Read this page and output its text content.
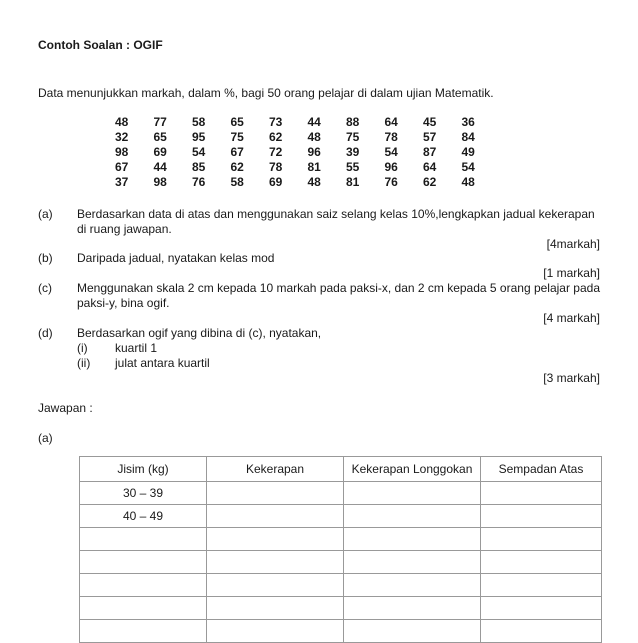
Contoh Soalan : OGIF
Data menunjukkan markah, dalam %, bagi 50 orang pelajar di dalam ujian Matematik.
48	77	58	65	73	44	88	64	45	36
32	65	95	75	62	48	75	78	57	84
98	69	54	67	72	96	39	54	87	49
67	44	85	62	78	81	55	96	64	54
37	98	76	58	69	48	81	76	62	48
(a) Berdasarkan data di atas dan menggunakan saiz selang kelas 10%,lengkapkan jadual kekerapan di ruang jawapan.
[4markah]
(b) Daripada jadual, nyatakan kelas mod
[1 markah]
(c) Menggunakan skala 2 cm kepada 10 markah pada paksi-x, dan 2 cm kepada 5 orang pelajar pada paksi-y, bina ogif.
[4 markah]
(d) Berdasarkan ogif yang dibina di (c), nyatakan,
(i) kuartil 1
(ii) julat antara kuartil
[3 markah]
Jawapan :
(a)
Jisim (kg)	Kekerapan	Kekerapan Longgokan	Sempadan Atas
30 – 39			
40 – 49			
